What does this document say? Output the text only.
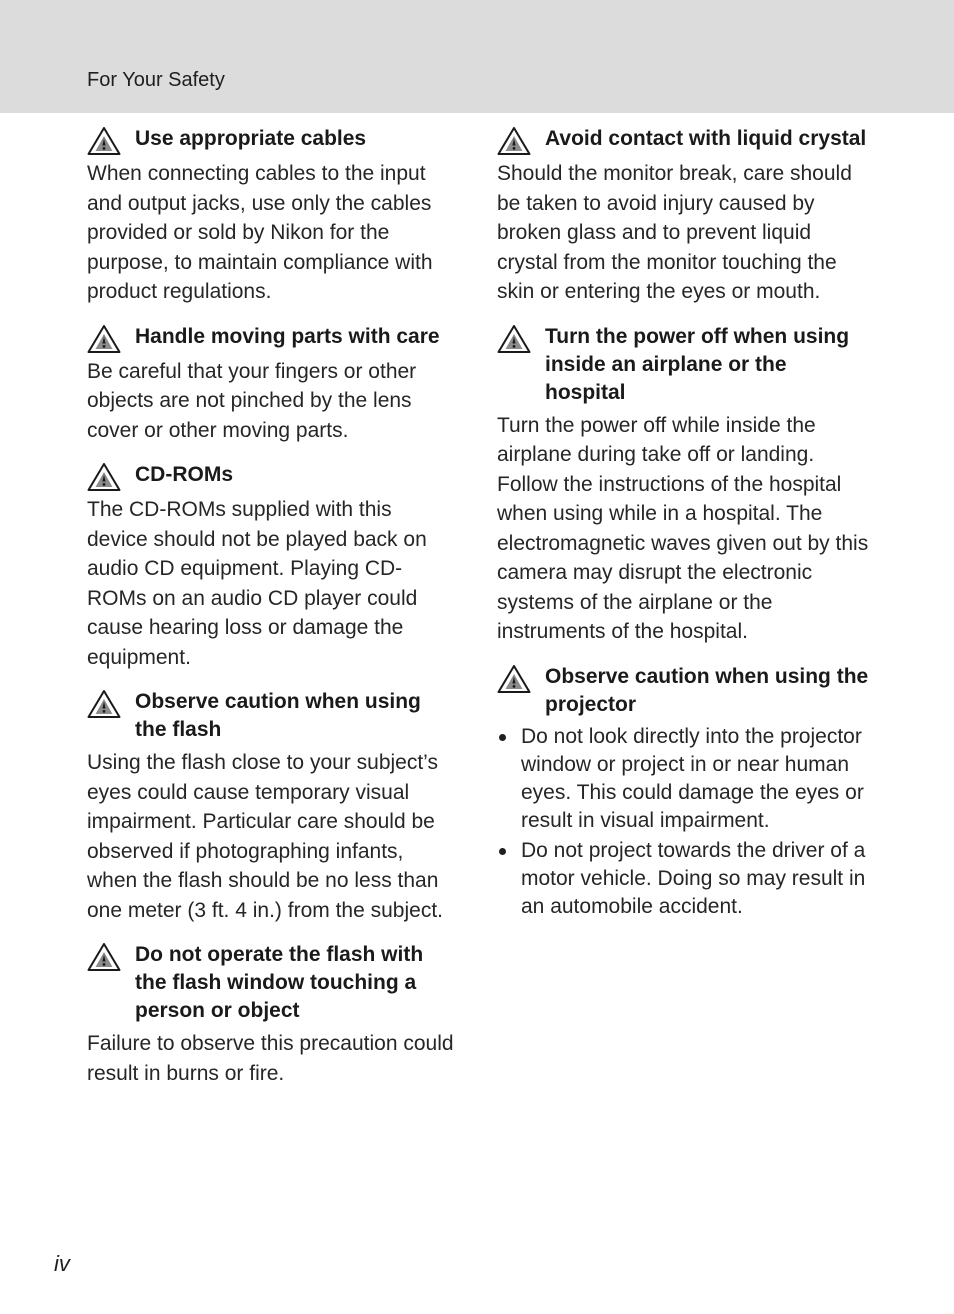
For Your Safety
Use appropriate cables
When connecting cables to the input and output jacks, use only the cables provided or sold by Nikon for the purpose, to maintain compliance with product regulations.
Handle moving parts with care
Be careful that your fingers or other objects are not pinched by the lens cover or other moving parts.
CD-ROMs
The CD-ROMs supplied with this device should not be played back on audio CD equipment. Playing CD-ROMs on an audio CD player could cause hearing loss or damage the equipment.
Observe caution when using the flash
Using the flash close to your subject’s eyes could cause temporary visual impairment. Particular care should be observed if photographing infants, when the flash should be no less than one meter (3 ft. 4 in.) from the subject.
Do not operate the flash with the flash window touching a person or object
Failure to observe this precaution could result in burns or fire.
Avoid contact with liquid crystal
Should the monitor break, care should be taken to avoid injury caused by broken glass and to prevent liquid crystal from the monitor touching the skin or entering the eyes or mouth.
Turn the power off when using inside an airplane or the hospital
Turn the power off while inside the airplane during take off or landing. Follow the instructions of the hospital when using while in a hospital. The electromagnetic waves given out by this camera may disrupt the electronic systems of the airplane or the instruments of the hospital.
Observe caution when using the projector
Do not look directly into the projector window or project in or near human eyes. This could damage the eyes or result in visual impairment.
Do not project towards the driver of a motor vehicle. Doing so may result in an automobile accident.
iv
